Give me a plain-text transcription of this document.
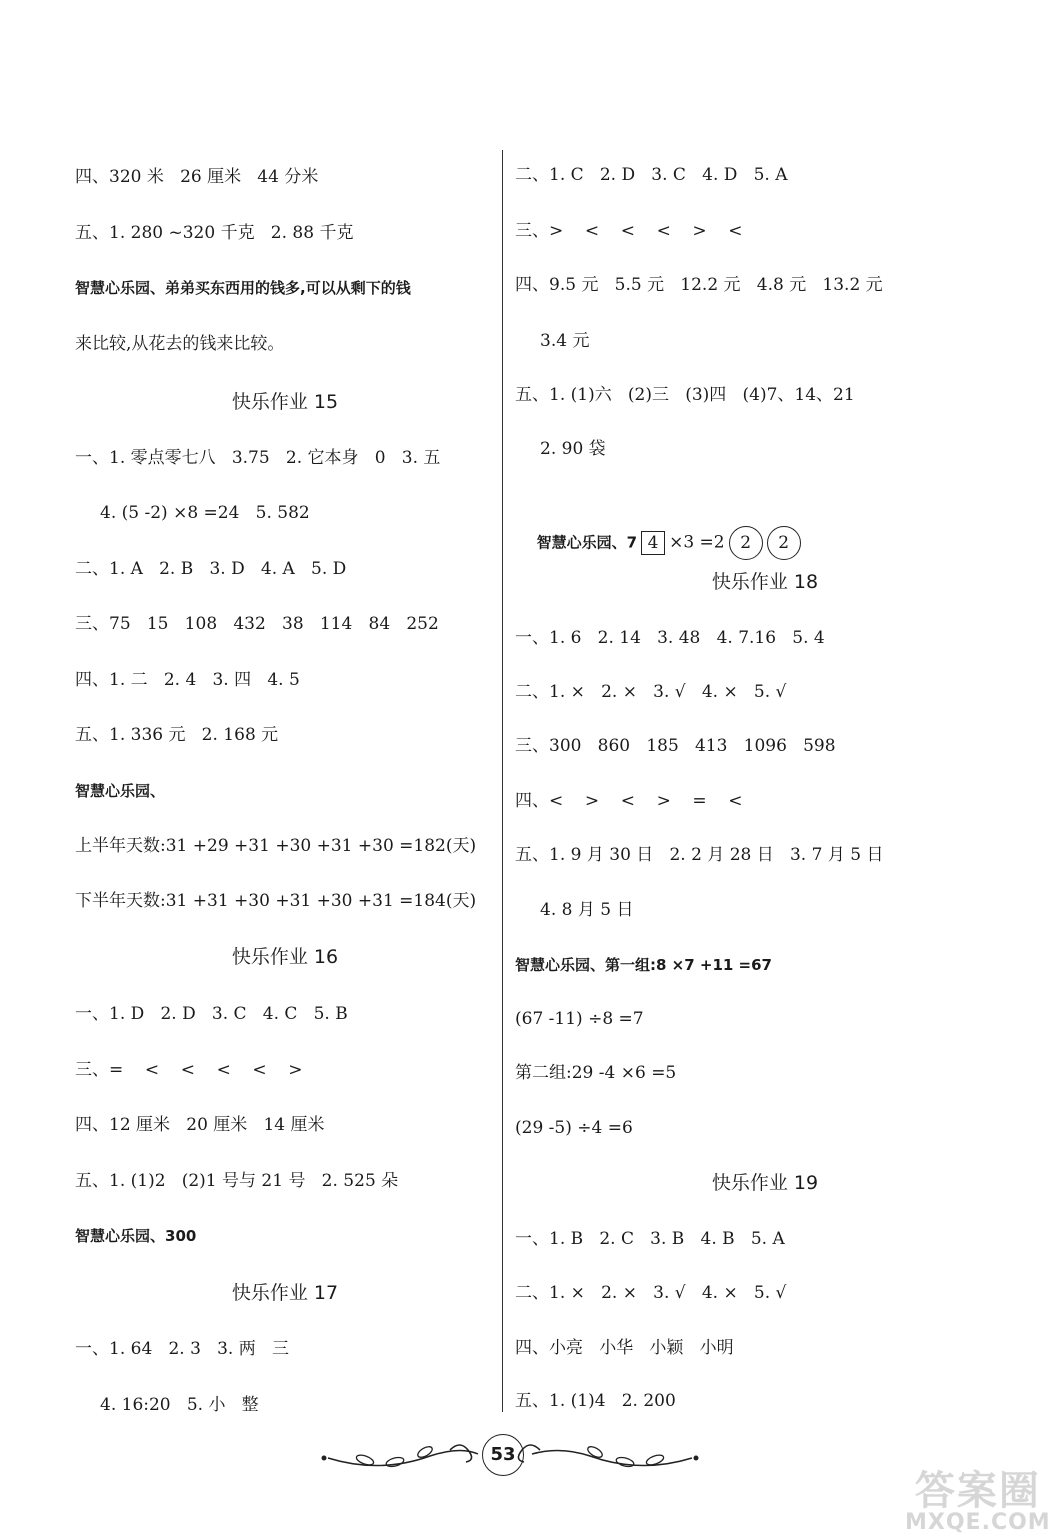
四、320 米   26 厘米   44 分米
五、1. 280 ~320 千克   2. 88 千克
智慧心乐园、弟弟买东西用的钱多,可以从剩下的钱
来比较,从花去的钱来比较。
快乐作业 15
一、1. 零点零七八   3.75   2. 它本身   0   3. 五
4. (5 -2) ×8 =24   5. 582
二、1. A   2. B   3. D   4. A   5. D
三、75   15   108   432   38   114   84   252
四、1. 二   2. 4   3. 四   4. 5
五、1. 336 元   2. 168 元
智慧心乐园、
上半年天数:31 +29 +31 +30 +31 +30 =182(天)
下半年天数:31 +31 +30 +31 +30 +31 =184(天)
快乐作业 16
一、1. D   2. D   3. C   4. C   5. B
三、=    <    <    <    <    >
四、12 厘米   20 厘米   14 厘米
五、1. (1)2   (2)1 号与 21 号   2. 525 朵
智慧心乐园、300
快乐作业 17
一、1. 64   2. 3   3. 两   三
4. 16:20   5. 小   整
二、1. C   2. D   3. C   4. D   5. A
三、>    <    <    <    >    <
四、9.5 元   5.5 元   12.2 元   4.8 元   13.2 元
3.4 元
五、1. (1)六   (2)三   (3)四   (4)7、14、21
2. 90 袋

智慧心乐园、7 4 ×3 =2 2 2

快乐作业 18
一、1. 6   2. 14   3. 48   4. 7.16   5. 4
二、1. ×   2. ×   3. √   4. ×   5. √
三、300   860   185   413   1096   598
四、<    >    <    >    =    <
五、1. 9 月 30 日   2. 2 月 28 日   3. 7 月 5 日
4. 8 月 5 日
智慧心乐园、第一组:8 ×7 +11 =67
(67 -11) ÷8 =7
第二组:29 -4 ×6 =5
(29 -5) ÷4 =6
快乐作业 19
一、1. B   2. C   3. B   4. B   5. A
二、1. ×   2. ×   3. √   4. ×   5. √
四、小亮   小华   小颖   小明
五、1. (1)4   2. 200
53
答案圈
MXQE.COM
